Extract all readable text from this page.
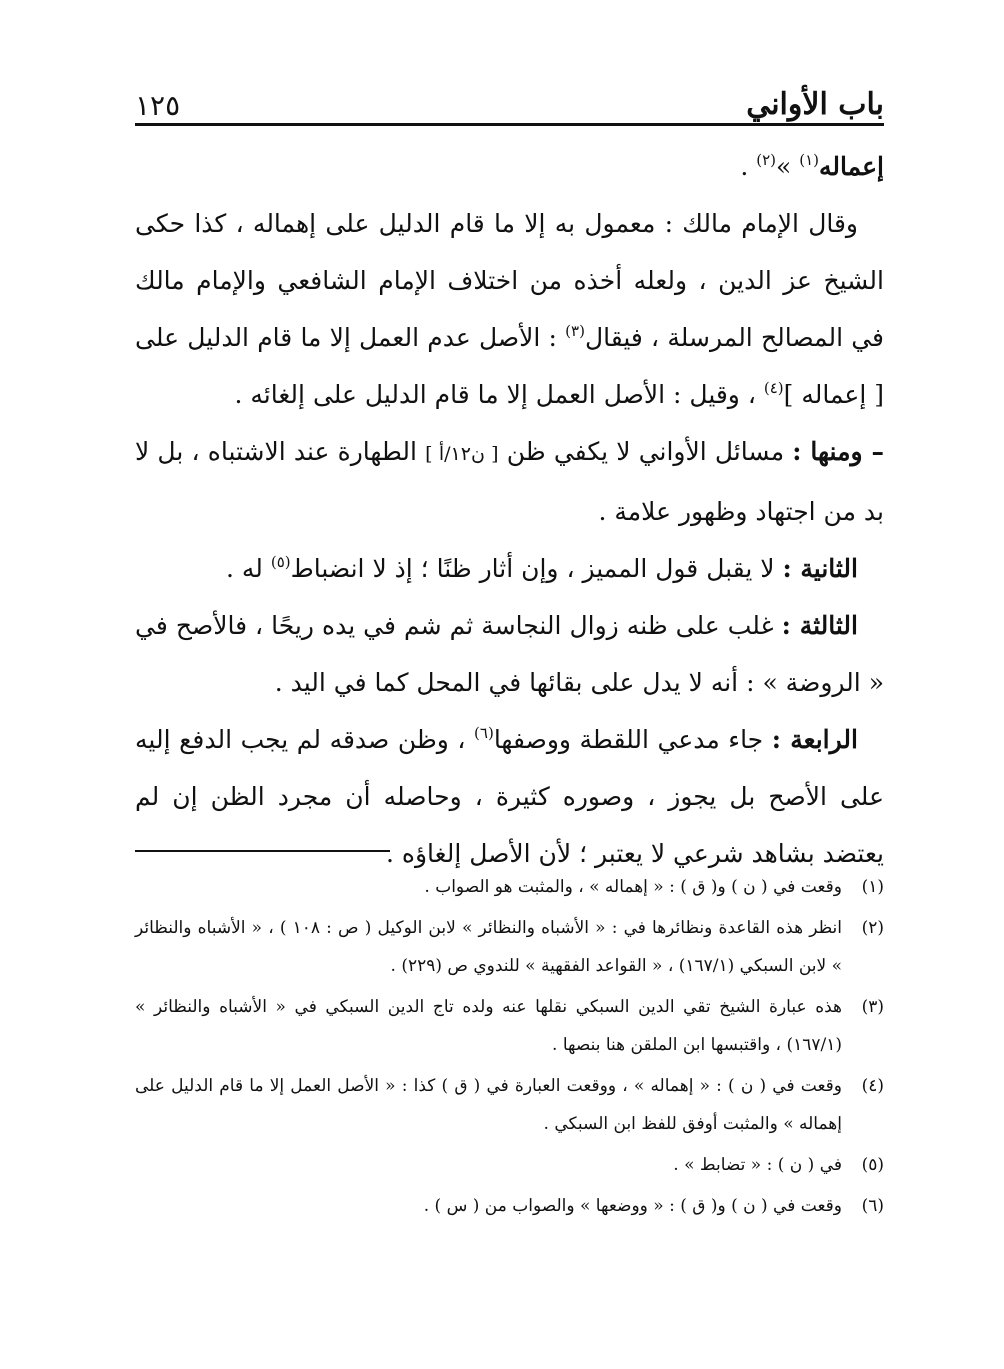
باب الأواني
١٢٥

إعماله$^{(١)}$ »$^{(٢)}$ .

وقال الإمام مالك : معمول به إلا ما قام الدليل على إهماله ، كذا حكى الشيخ عز الدين ، ولعله أخذه من اختلاف الإمام الشافعي والإمام مالك في المصالح المرسلة ، فيقال$^{(٣)}$ : الأصل عدم العمل إلا ما قام الدليل على [ إعماله ]$^{(٤)}$ ، وقيل : الأصل العمل إلا ما قام الدليل على إلغائه .

– ومنها : مسائل الأواني لا يكفي ظن [ ن١٢/أ ] الطهارة عند الاشتباه ، بل لا بد من اجتهاد وظهور علامة .

الثانية : لا يقبل قول المميز ، وإن أثار ظنًا ؛ إذ لا انضباط$^{(٥)}$ له .

الثالثة : غلب على ظنه زوال النجاسة ثم شم في يده ريحًا ، فالأصح في « الروضة » : أنه لا يدل على بقائها في المحل كما في اليد .

الرابعة : جاء مدعي اللقطة ووصفها$^{(٦)}$ ، وظن صدقه لم يجب الدفع إليه على الأصح بل يجوز ، وصوره كثيرة ، وحاصله أن مجرد الظن إن لم يعتضد بشاهد شرعي لا يعتبر ؛ لأن الأصل إلغاؤه .

(١)
وقعت في ( ن ) و( ق ) : « إهماله » ، والمثبت هو الصواب .
(٢)
انظر هذه القاعدة ونظائرها في : « الأشباه والنظائر » لابن الوكيل ( ص : ١٠٨ ) ، « الأشباه والنظائر » لابن السبكي (١٦٧/١) ، « القواعد الفقهية » للندوي ص (٢٢٩) .
(٣)
هذه عبارة الشيخ تقي الدين السبكي نقلها عنه ولده تاج الدين السبكي في « الأشباه والنظائر » (١٦٧/١) ، واقتبسها ابن الملقن هنا بنصها .
(٤)
وقعت في ( ن ) : « إهماله » ، ووقعت العبارة في ( ق ) كذا : « الأصل العمل إلا ما قام الدليل على إهماله » والمثبت أوفق للفظ ابن السبكي .
(٥)
في ( ن ) : « تضابط » .
(٦)
وقعت في ( ن ) و( ق ) : « ووضعها » والصواب من ( س ) .
